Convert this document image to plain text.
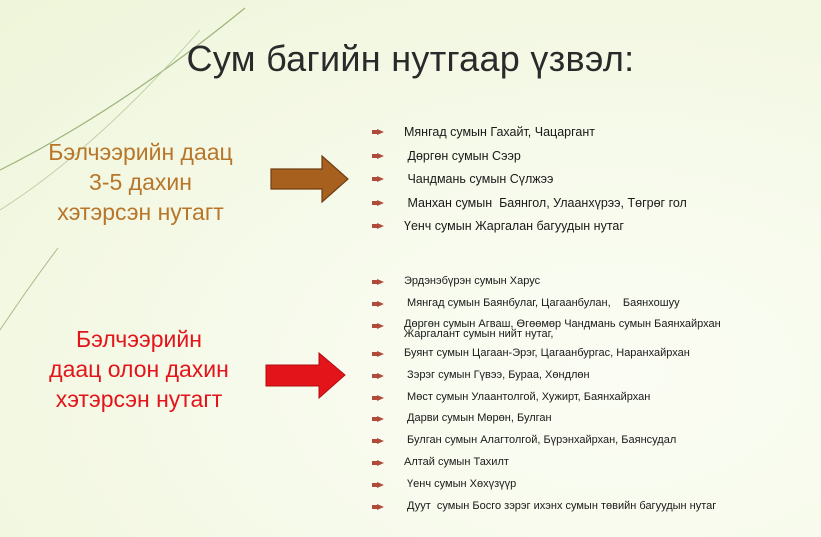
Сум багийн нутгаар үзвэл:
Бэлчээрийн даац
3-5 дахин
хэтэрсэн нутагт
Мянгад сумын Гахайт, Чацаргант
Дөргөн сумын Сээр
Чандмань сумын Сүлжээ
Манхан сумын  Баянгол, Улаанхүрээ, Төгрөг гол
Үенч сумын Жаргалан багуудын нутаг
Бэлчээрийн
даац олон дахин
хэтэрсэн нутагт
Эрдэнэбүрэн сумын Харус
Мянгад сумын Баянбулаг, Цагаанбулан,    Баянхошуу
Дөргөн сумын Агваш, Өгөөмөр Чандмань сумын Баянхайрхан Жаргалант сумын нийт нутаг,
Буянт сумын Цагаан-Эрэг, Цагаанбургас, Наранхайрхан
Зэрэг сумын Гүвээ, Бураа, Хөндлөн
Мөст сумын Улаантолгой, Хужирт, Баянхайрхан
Дарви сумын Мөрөн, Булган
Булган сумын Алагтолгой, Бүрэнхайрхан, Баянсудал
Алтай сумын Тахилт
Үенч сумын Хөхүзүүр
Дуут  сумын Босго зэрэг ихэнх сумын төвийн багуудын нутаг
